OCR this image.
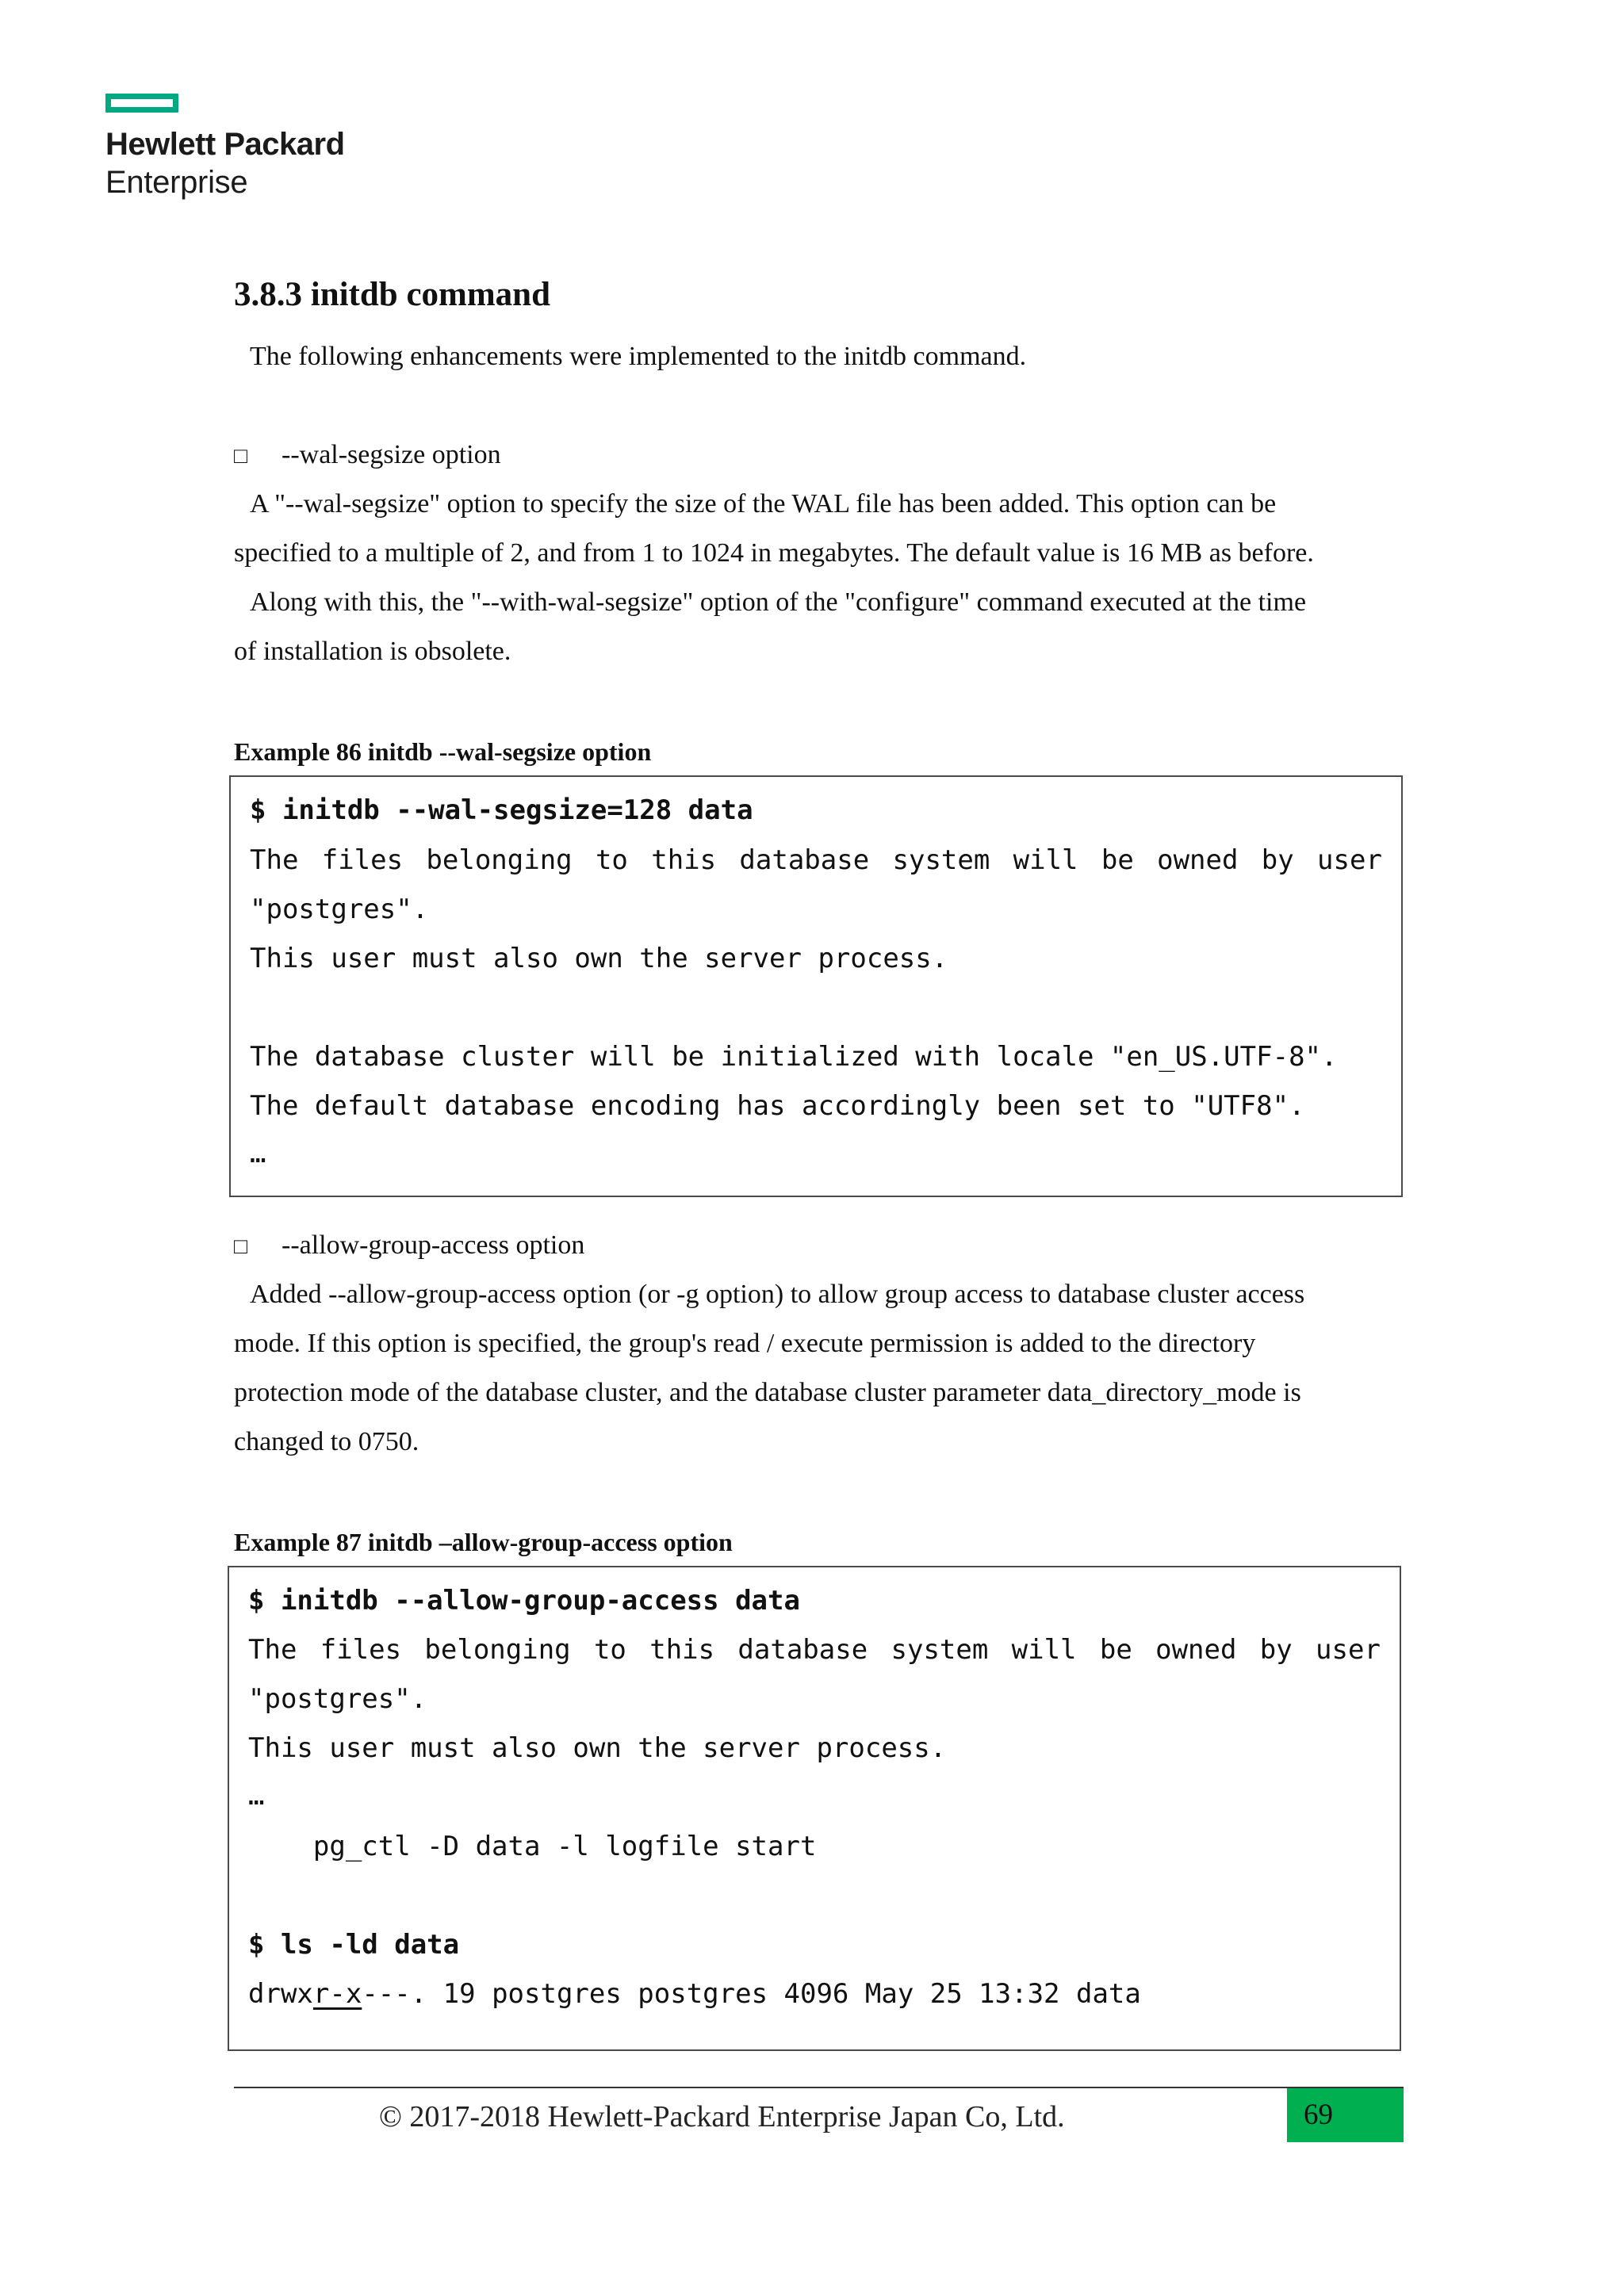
Hewlett Packard
Enterprise
3.8.3 initdb command
The following enhancements were implemented to the initdb command.
□ --wal-segsize option
A "--wal-segsize" option to specify the size of the WAL file has been added. This option can be
specified to a multiple of 2, and from 1 to 1024 in megabytes. The default value is 16 MB as before.
Along with this, the "--with-wal-segsize" option of the "configure" command executed at the time
of installation is obsolete.
Example 86 initdb --wal-segsize option
$ initdb --wal-segsize=128 data
The files belonging to this database system will be owned by user
"postgres".
This user must also own the server process.
The database cluster will be initialized with locale "en_US.UTF-8".
The default database encoding has accordingly been set to "UTF8".
…
□ --allow-group-access option
Added --allow-group-access option (or -g option) to allow group access to database cluster access
mode. If this option is specified, the group's read / execute permission is added to the directory
protection mode of the database cluster, and the database cluster parameter data_directory_mode is
changed to 0750.
Example 87 initdb –allow-group-access option
$ initdb --allow-group-access data
The files belonging to this database system will be owned by user
"postgres".
This user must also own the server process.
…
pg_ctl -D data -l logfile start
$ ls -ld data
drwxr-x---. 19 postgres postgres 4096 May 25 13:32 data
© 2017-2018 Hewlett-Packard Enterprise Japan Co, Ltd.	69
